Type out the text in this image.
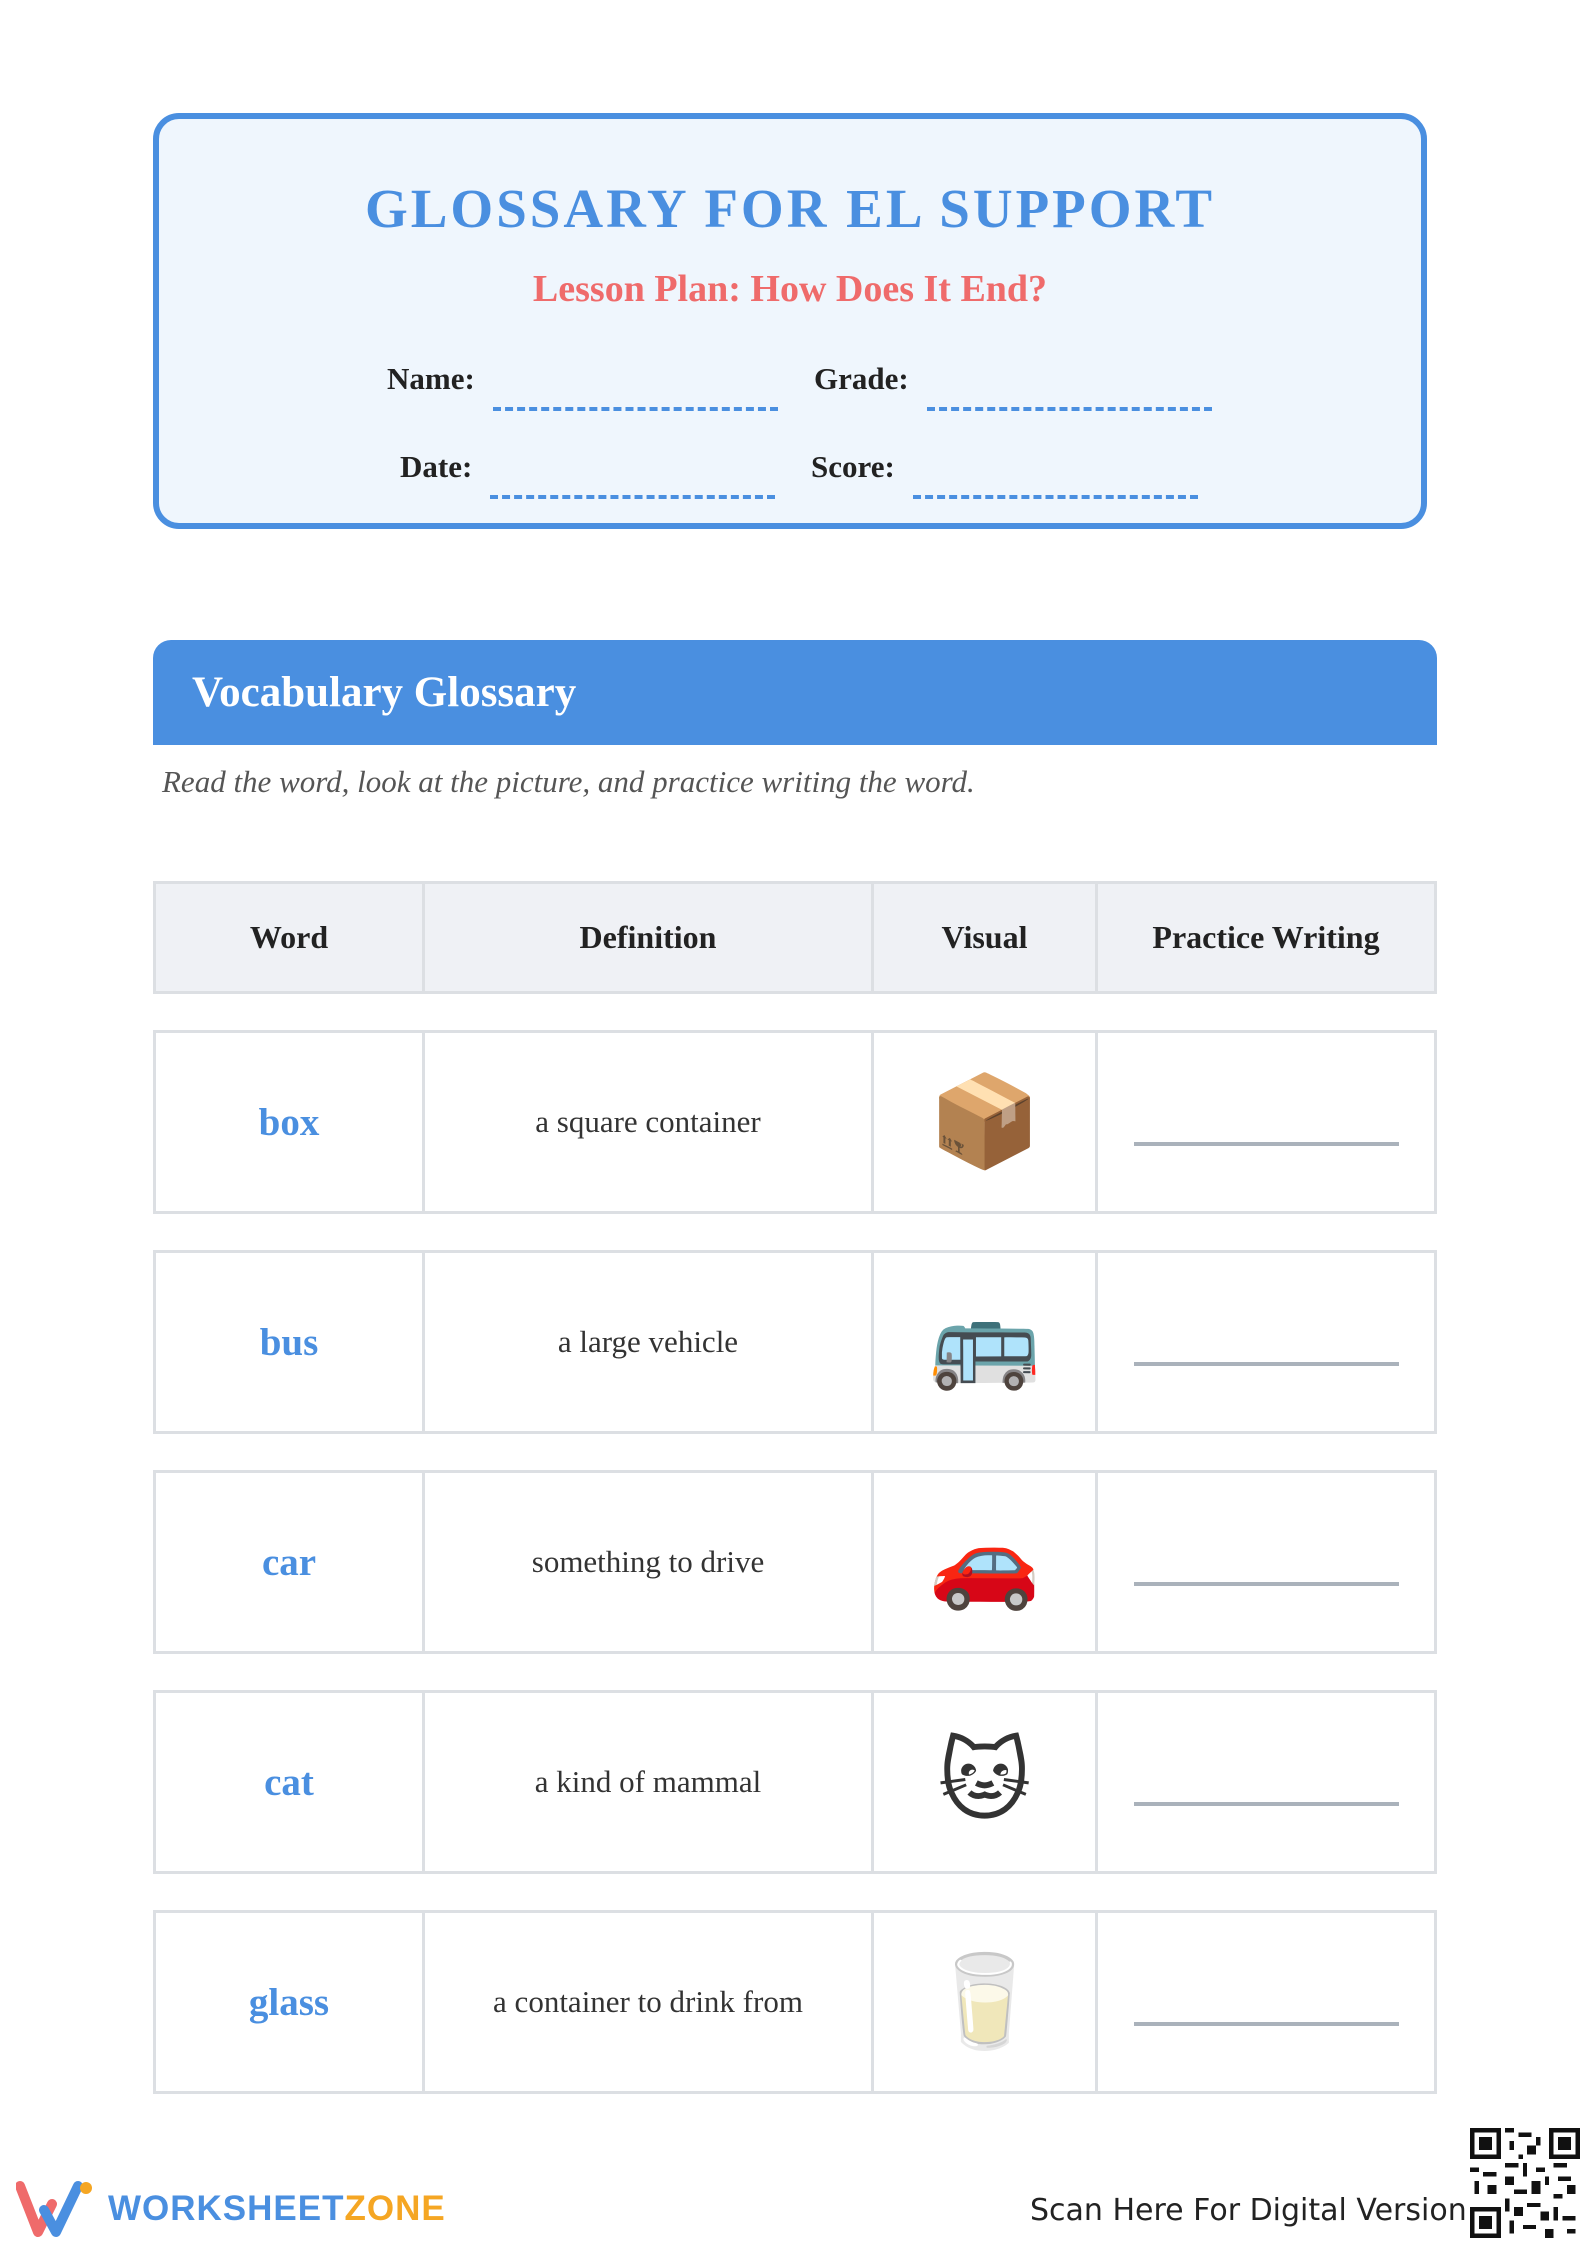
GLOSSARY FOR EL SUPPORT
Lesson Plan: How Does It End?
Name:	Grade:
Date:	Score:
Vocabulary Glossary
Read the word, look at the picture, and practice writing the word.
Word	Definition	Visual	Practice Writing
box	a square container 📦
bus	a large vehicle 🚌
car	something to drive 🚗
cat	a kind of mammal 🐱
glass	a container to drink from 🥛
WORKSHEETZONE	Scan Here For Digital Version
